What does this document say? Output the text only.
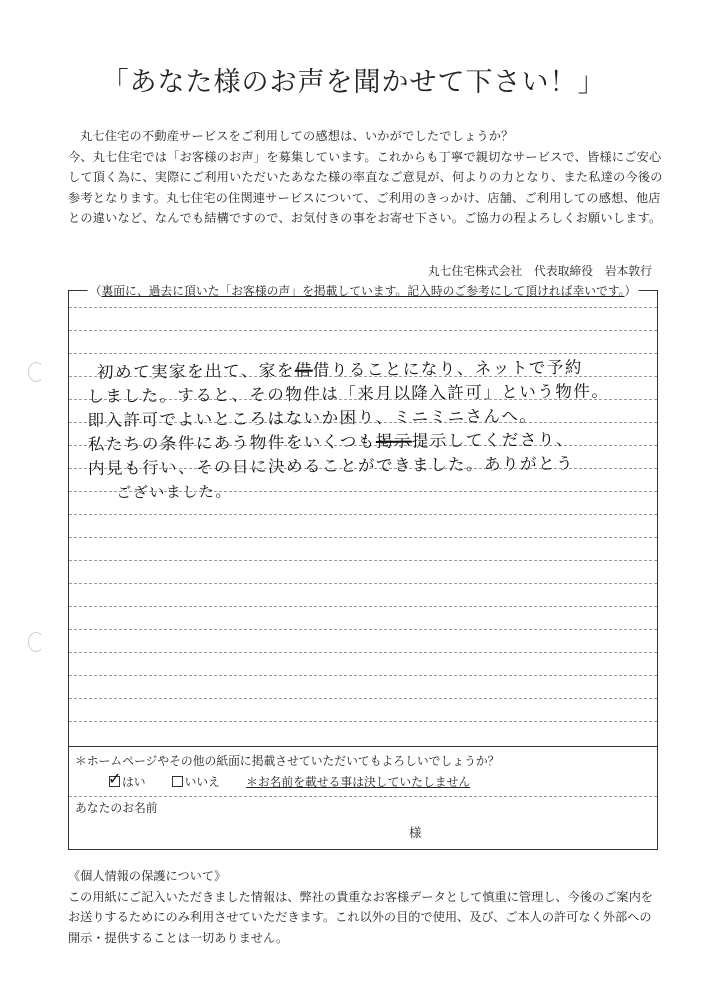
「あなた様のお声を聞かせて下さい！」

丸七住宅の不動産サービスをご利用しての感想は、いかがでしたでしょうか？

今、丸七住宅では「お客様のお声」を募集しています。これからも丁寧で親切なサービスで、皆様にご安心

して頂く為に、実際にご利用いただいたあなた様の率直なご意見が、何よりの力となり、また私達の今後の

参考となります。丸七住宅の住関連サービスについて、ご利用のきっかけ、店舗、ご利用しての感想、他店

との違いなど、なんでも結構ですので、お気付きの事をお寄せ下さい。ご協力の程よろしくお願いします。

丸七住宅株式会社　代表取締役　岩本敦行
（裏面に、過去に頂いた「お客様の声」を掲載しています。記入時のご参考にして頂ければ幸いです。）
初めて実家を出て、家を借借りることになり、ネットで予約
しました。すると、その物件は「来月以降入許可」という物件。
即入許可でよいところはないか困り、ミニミニさんへ。
私たちの条件にあう物件をいくつも掲示提示してくださり、
内見も行い、その日に決めることができました。ありがとう
ございました。
＊ホームページやその他の紙面に掲載させていただいてもよろしいでしょうか？
✓
はい	いいえ ＊お名前を載せる事は決していたしません
あなたのお名前
様

《個人情報の保護について》

この用紙にご記入いただきました情報は、弊社の貴重なお客様データとして慎重に管理し、今後のご案内を

お送りするためにのみ利用させていただきます。これ以外の目的で使用、及び、ご本人の許可なく外部への

開示・提供することは一切ありません。
